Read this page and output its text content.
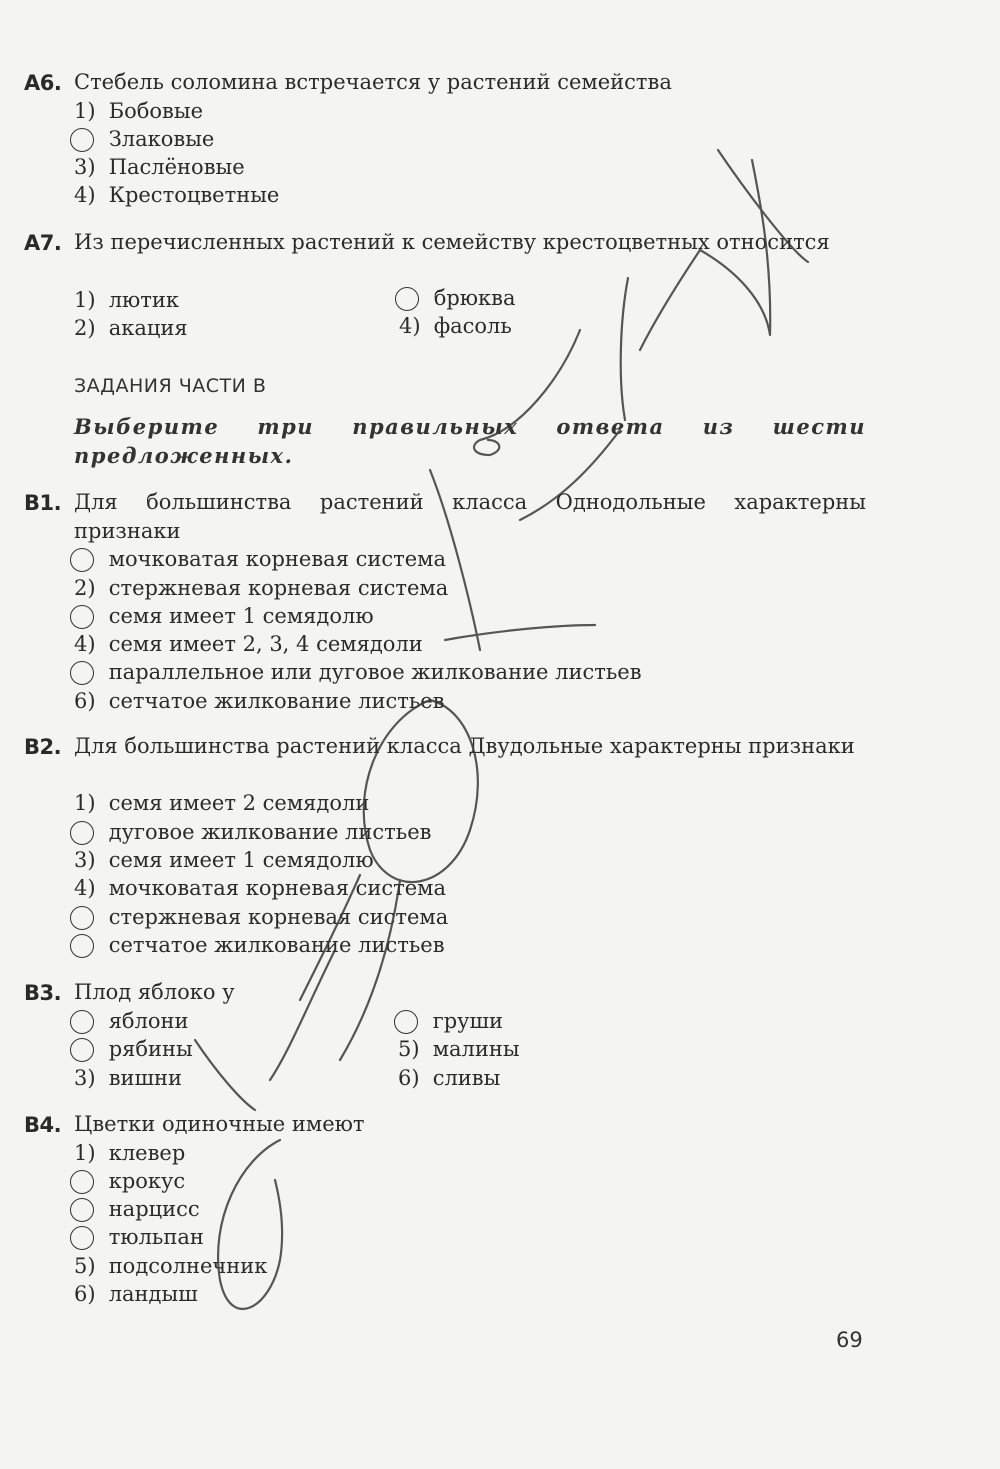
А6. Стебель соломина встречается у растений семейства
1) Бобовые
Злаковые
3) Паслёновые
4) Крестоцветные
А7. Из перечисленных растений к семейству крестоцветных относится
1) лютик	брюква
2) акация	4) фасоль
ЗАДАНИЯ ЧАСТИ В
Выберите три правильных ответа из шести предложенных.
В1. Для большинства растений класса Однодольные характерны признаки
мочковатая корневая система
2) стержневая корневая система
семя имеет 1 семядолю
4) семя имеет 2, 3, 4 семядоли
параллельное или дуговое жилкование листьев
6) сетчатое жилкование листьев
В2. Для большинства растений класса Двудольные характерны признаки
1) семя имеет 2 семядоли
дуговое жилкование листьев
3) семя имеет 1 семядолю
4) мочковатая корневая система
стержневая корневая система
сетчатое жилкование листьев
В3. Плод яблоко у
яблони	груши
рябины	5) малины
3) вишни	6) сливы
В4. Цветки одиночные имеют
1) клевер
крокус
нарцисс
тюльпан
5) подсолнечник
6) ландыш
69
